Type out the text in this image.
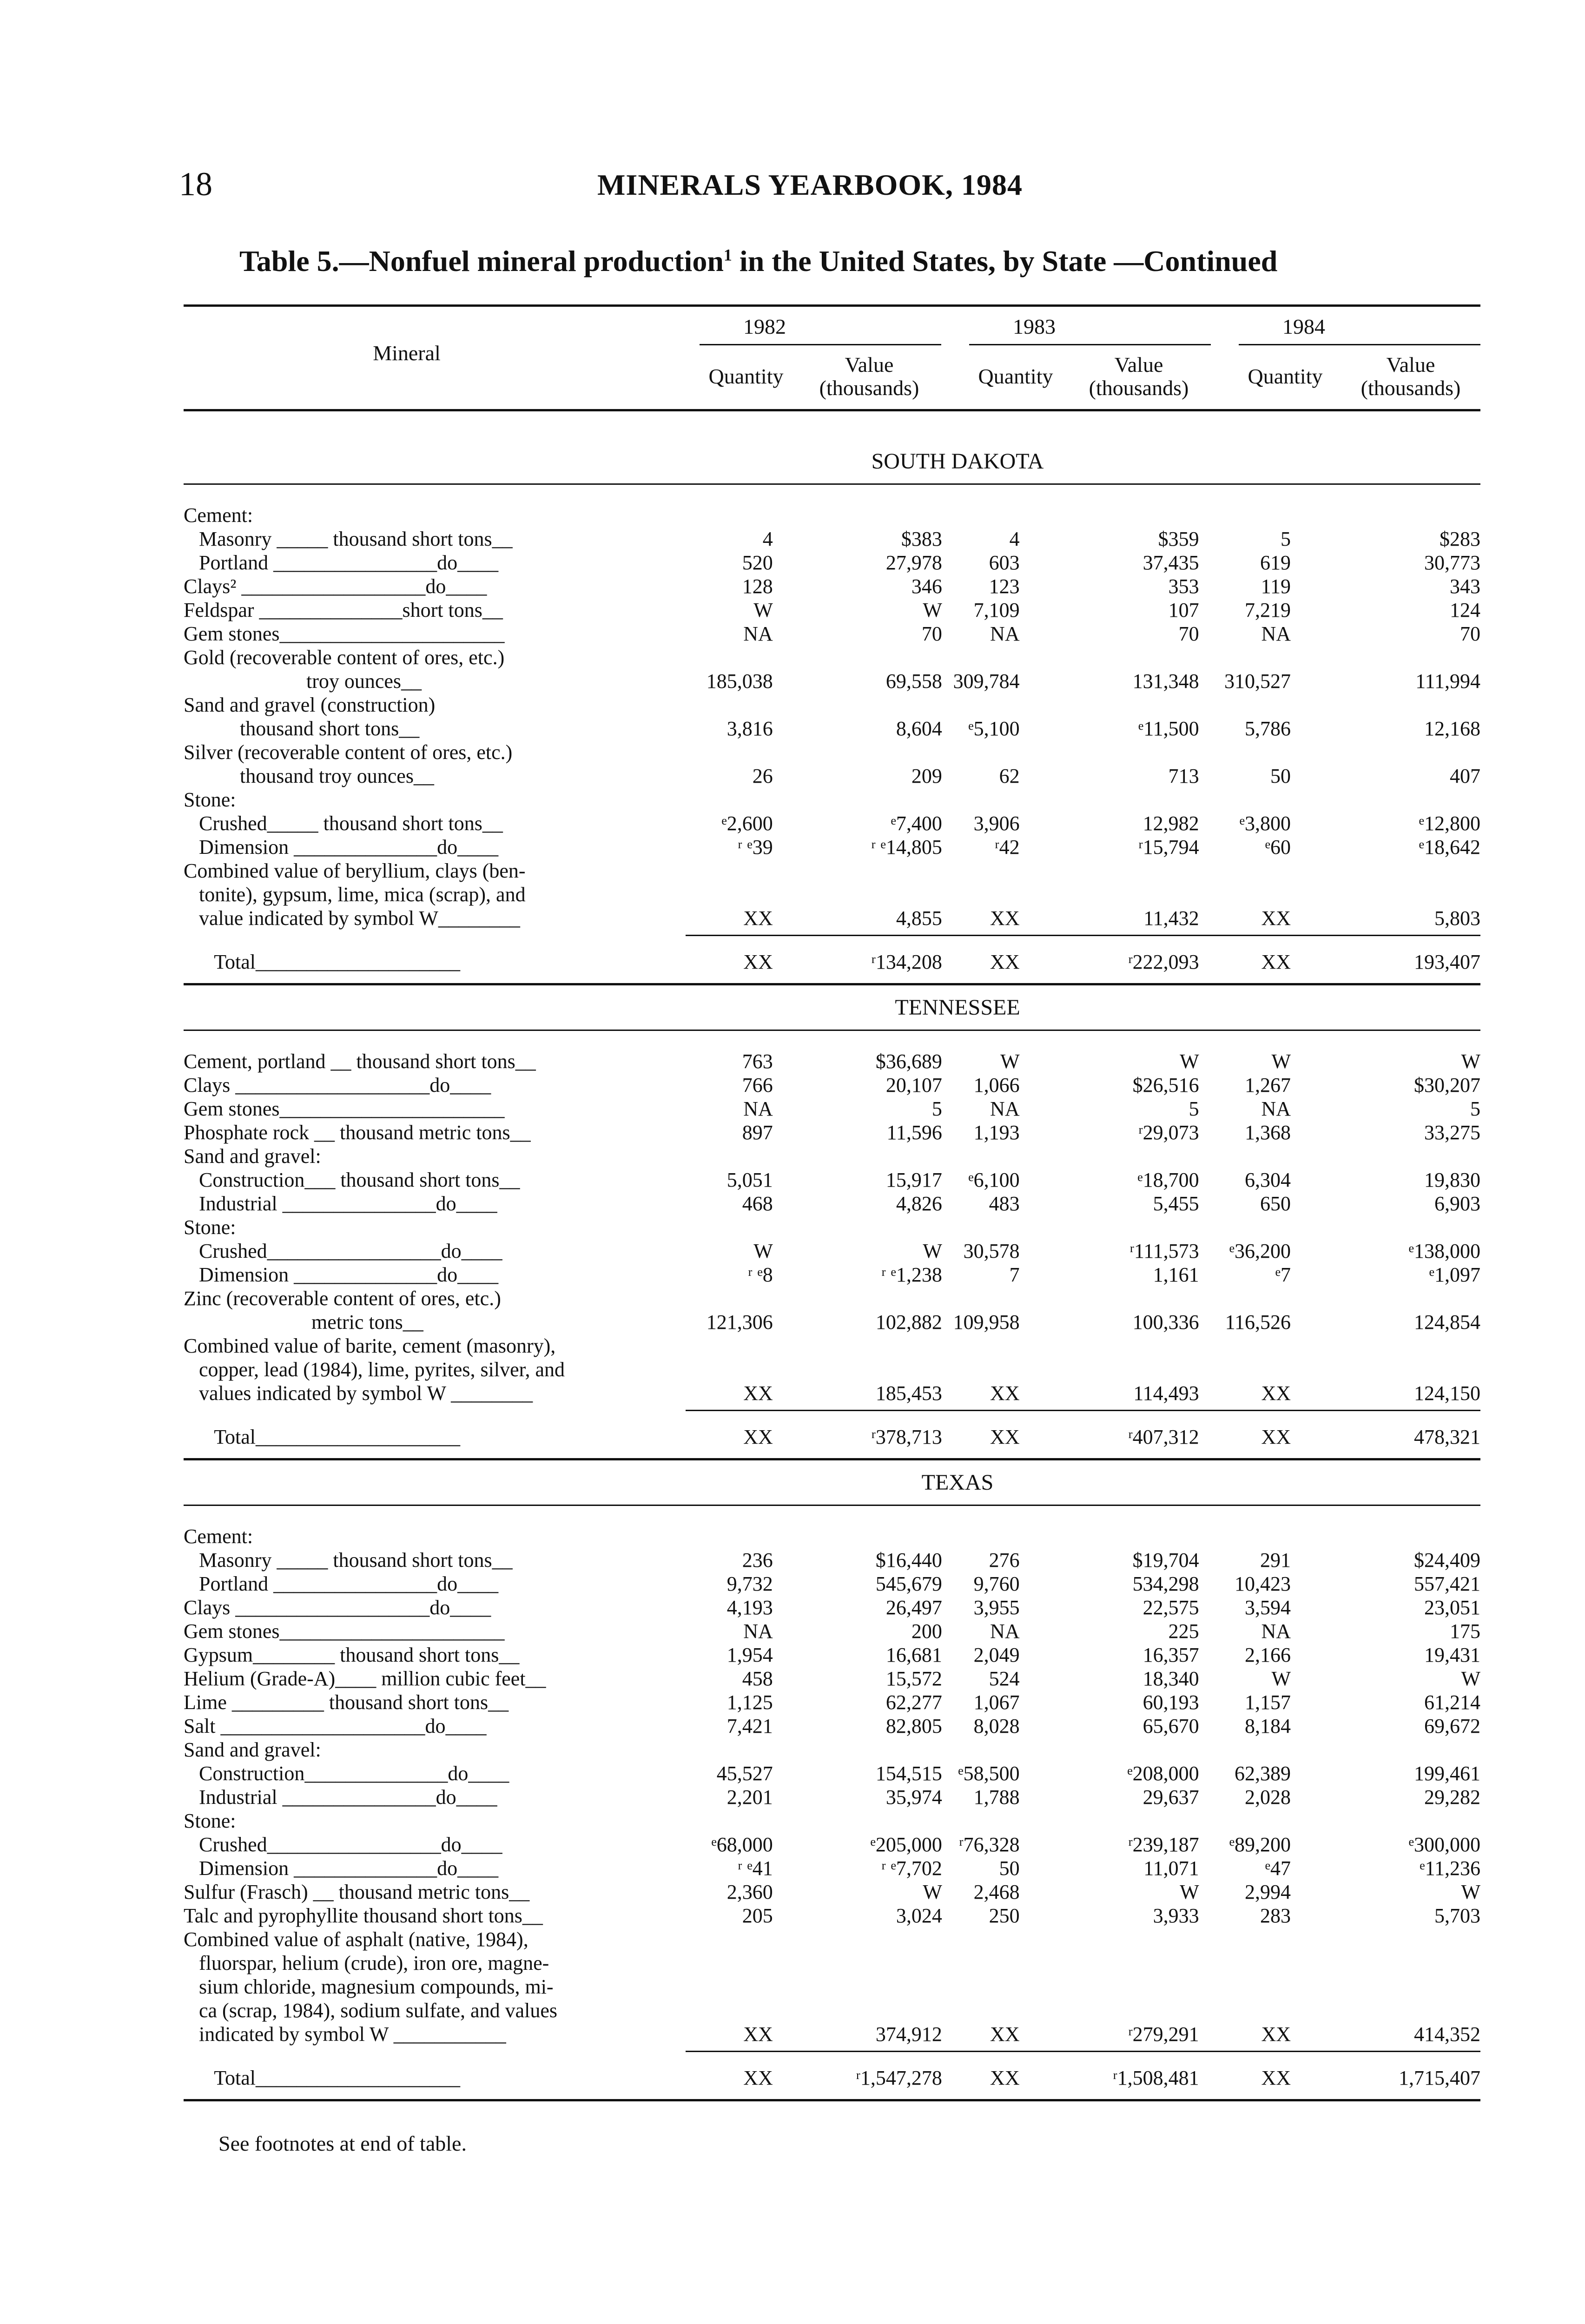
18	MINERALS YEARBOOK, 1984
Table 5.—Nonfuel mineral production$^1$ in the United States, by State —Continued
Mineral
1982	1983	1984
Quantity	Value
(thousands)	Quantity	Value
(thousands)	Quantity	Value
(thousands)
SOUTH DAKOTA
Cement:
Masonry _____ thousand short tons__	4	$383	4	$359	5	$283
Portland ________________do____	520	27,978	603	37,435	619	30,773
Clays² __________________do____	128	346	123	353	119	343
Feldspar ______________short tons__	W	W	7,109	107	7,219	124
Gem stones______________________	NA	70	NA	70	NA	70
Gold (recoverable content of ores, etc.)
troy ounces__	185,038	69,558 309,784	131,348	310,527	111,994
Sand and gravel (construction)
thousand short tons__	3,816	8,604	ᵉ5,100	ᵉ11,500	5,786	12,168
Silver (recoverable content of ores, etc.)
thousand troy ounces__	26	209	62	713	50	407
Stone:
Crushed_____ thousand short tons__	ᵉ2,600	ᵉ7,400	3,906	12,982	ᵉ3,800	ᵉ12,800
Dimension ______________do____	ʳ ᵉ39	ʳ ᵉ14,805	ʳ42	ʳ15,794	ᵉ60	ᵉ18,642
Combined value of beryllium, clays (ben-
tonite), gypsum, lime, mica (scrap), and
value indicated by symbol W________	XX	4,855	XX	11,432	XX	5,803
Total____________________	XX	ʳ134,208	XX	ʳ222,093	XX	193,407
TENNESSEE
Cement, portland __ thousand short tons__	763	$36,689	W	W	W	W
Clays ___________________do____	766	20,107	1,066	$26,516	1,267	$30,207
Gem stones______________________	NA	5	NA	5	NA	5
Phosphate rock __ thousand metric tons__	897	11,596	1,193	ʳ29,073	1,368	33,275
Sand and gravel:
Construction___ thousand short tons__	5,051	15,917	ᵉ6,100	ᵉ18,700	6,304	19,830
Industrial _______________do____	468	4,826	483	5,455	650	6,903
Stone:
Crushed_________________do____	W	W	30,578	ʳ111,573	ᵉ36,200	ᵉ138,000
Dimension ______________do____	ʳ ᵉ8	ʳ ᵉ1,238	7	1,161	ᵉ7	ᵉ1,097
Zinc (recoverable content of ores, etc.)
metric tons__	121,306	102,882 109,958	100,336	116,526	124,854
Combined value of barite, cement (masonry),
copper, lead (1984), lime, pyrites, silver, and
values indicated by symbol W ________	XX	185,453	XX	114,493	XX	124,150
Total____________________	XX	ʳ378,713	XX	ʳ407,312	XX	478,321
TEXAS
Cement:
Masonry _____ thousand short tons__	236	$16,440	276	$19,704	291	$24,409
Portland ________________do____	9,732	545,679	9,760	534,298	10,423	557,421
Clays ___________________do____	4,193	26,497	3,955	22,575	3,594	23,051
Gem stones______________________	NA	200	NA	225	NA	175
Gypsum________ thousand short tons__	1,954	16,681	2,049	16,357	2,166	19,431
Helium (Grade-A)____ million cubic feet__	458	15,572	524	18,340	W	W
Lime _________ thousand short tons__	1,125	62,277	1,067	60,193	1,157	61,214
Salt ____________________do____	7,421	82,805	8,028	65,670	8,184	69,672
Sand and gravel:
Construction______________do____	45,527	154,515 ᵉ58,500	ᵉ208,000	62,389	199,461
Industrial _______________do____	2,201	35,974	1,788	29,637	2,028	29,282
Stone:
Crushed_________________do____	ᵉ68,000	ᵉ205,000 ʳ76,328	ʳ239,187	ᵉ89,200	ᵉ300,000
Dimension ______________do____	ʳ ᵉ41	ʳ ᵉ7,702	50	11,071	ᵉ47	ᵉ11,236
Sulfur (Frasch) __ thousand metric tons__	2,360	W	2,468	W	2,994	W
Talc and pyrophyllite thousand short tons__	205	3,024	250	3,933	283	5,703
Combined value of asphalt (native, 1984),
fluorspar, helium (crude), iron ore, magne-
sium chloride, magnesium compounds, mi-
ca (scrap, 1984), sodium sulfate, and values
indicated by symbol W ___________	XX	374,912	XX	ʳ279,291	XX	414,352
Total____________________	XX	ʳ1,547,278	XX	ʳ1,508,481	XX	1,715,407
See footnotes at end of table.
